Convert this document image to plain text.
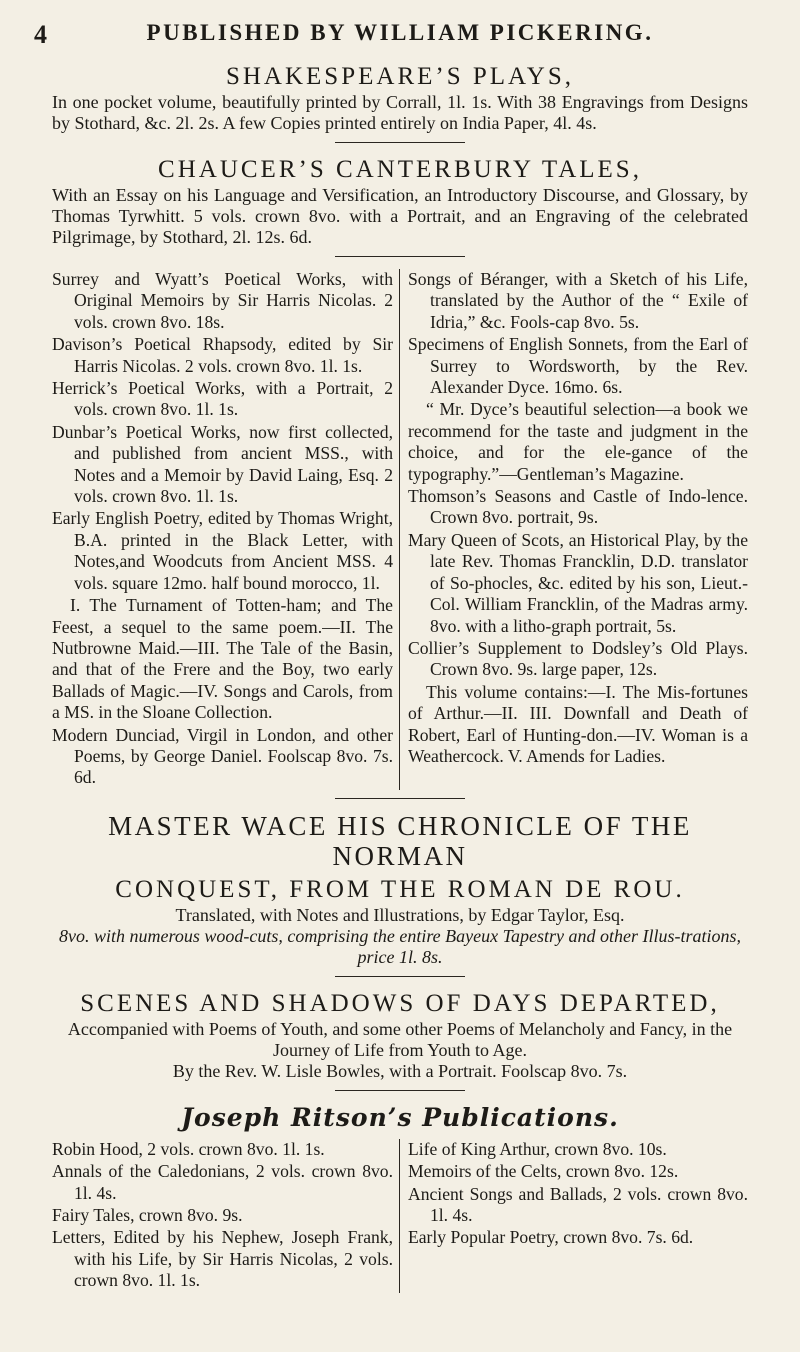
4	PUBLISHED BY WILLIAM PICKERING.
SHAKESPEARE’S PLAYS,
In one pocket volume, beautifully printed by Corrall, 1l. 1s. With 38 Engravings from Designs by Stothard, &c. 2l. 2s. A few Copies printed entirely on India Paper, 4l. 4s.
CHAUCER’S CANTERBURY TALES,
With an Essay on his Language and Versification, an Introductory Discourse, and Glossary, by Thomas Tyrwhitt. 5 vols. crown 8vo. with a Portrait, and an Engraving of the celebrated Pilgrimage, by Stothard, 2l. 12s. 6d.

Surrey and Wyatt’s Poetical Works, with Original Memoirs by Sir Harris Nicolas. 2 vols. crown 8vo. 18s.

Davison’s Poetical Rhapsody, edited by Sir Harris Nicolas. 2 vols. crown 8vo. 1l. 1s.

Herrick’s Poetical Works, with a Portrait, 2 vols. crown 8vo. 1l. 1s.

Dunbar’s Poetical Works, now first collected, and published from ancient MSS., with Notes and a Memoir by David Laing, Esq. 2 vols. crown 8vo. 1l. 1s.

Early English Poetry, edited by Thomas Wright, B.A. printed in the Black Letter, with Notes,and Woodcuts from Ancient MSS. 4 vols. square 12mo. half bound morocco, 1l.

I. The Turnament of Totten-ham; and The Feest, a sequel to the same poem.—II. The Nutbrowne Maid.—III. The Tale of the Basin, and that of the Frere and the Boy, two early Ballads of Magic.—IV. Songs and Carols, from a MS. in the Sloane Collection.

Modern Dunciad, Virgil in London, and other Poems, by George Daniel. Foolscap 8vo. 7s. 6d.

Songs of Béranger, with a Sketch of his Life, translated by the Author of the “ Exile of Idria,” &c. Fools-cap 8vo. 5s.

Specimens of English Sonnets, from the Earl of Surrey to Wordsworth, by the Rev. Alexander Dyce. 16mo. 6s.

“ Mr. Dyce’s beautiful selection—a book we recommend for the taste and judgment in the choice, and for the ele-gance of the typography.”—Gentleman’s Magazine.

Thomson’s Seasons and Castle of Indo-lence. Crown 8vo. portrait, 9s.

Mary Queen of Scots, an Historical Play, by the late Rev. Thomas Francklin, D.D. translator of So-phocles, &c. edited by his son, Lieut.-Col. William Francklin, of the Madras army. 8vo. with a litho-graph portrait, 5s.

Collier’s Supplement to Dodsley’s Old Plays. Crown 8vo. 9s. large paper, 12s.

This volume contains:—I. The Mis-fortunes of Arthur.—II. III. Downfall and Death of Robert, Earl of Hunting-don.—IV. Woman is a Weathercock. V. Amends for Ladies.

MASTER WACE HIS CHRONICLE OF THE NORMAN
CONQUEST, FROM THE ROMAN DE ROU.
Translated, with Notes and Illustrations, by Edgar Taylor, Esq.
8vo. with numerous wood-cuts, comprising the entire Bayeux Tapestry and other Illus-trations, price 1l. 8s.
SCENES AND SHADOWS OF DAYS DEPARTED,
Accompanied with Poems of Youth, and some other Poems of Melancholy and Fancy, in the Journey of Life from Youth to Age.
By the Rev. W. Lisle Bowles, with a Portrait. Foolscap 8vo. 7s.
Joseph Ritson’s Publications.

Robin Hood, 2 vols. crown 8vo. 1l. 1s.

Annals of the Caledonians, 2 vols. crown 8vo. 1l. 4s.

Fairy Tales, crown 8vo. 9s.

Letters, Edited by his Nephew, Joseph Frank, with his Life, by Sir Harris Nicolas, 2 vols. crown 8vo. 1l. 1s.

Life of King Arthur, crown 8vo. 10s.

Memoirs of the Celts, crown 8vo. 12s.

Ancient Songs and Ballads, 2 vols. crown 8vo. 1l. 4s.

Early Popular Poetry, crown 8vo. 7s. 6d.
